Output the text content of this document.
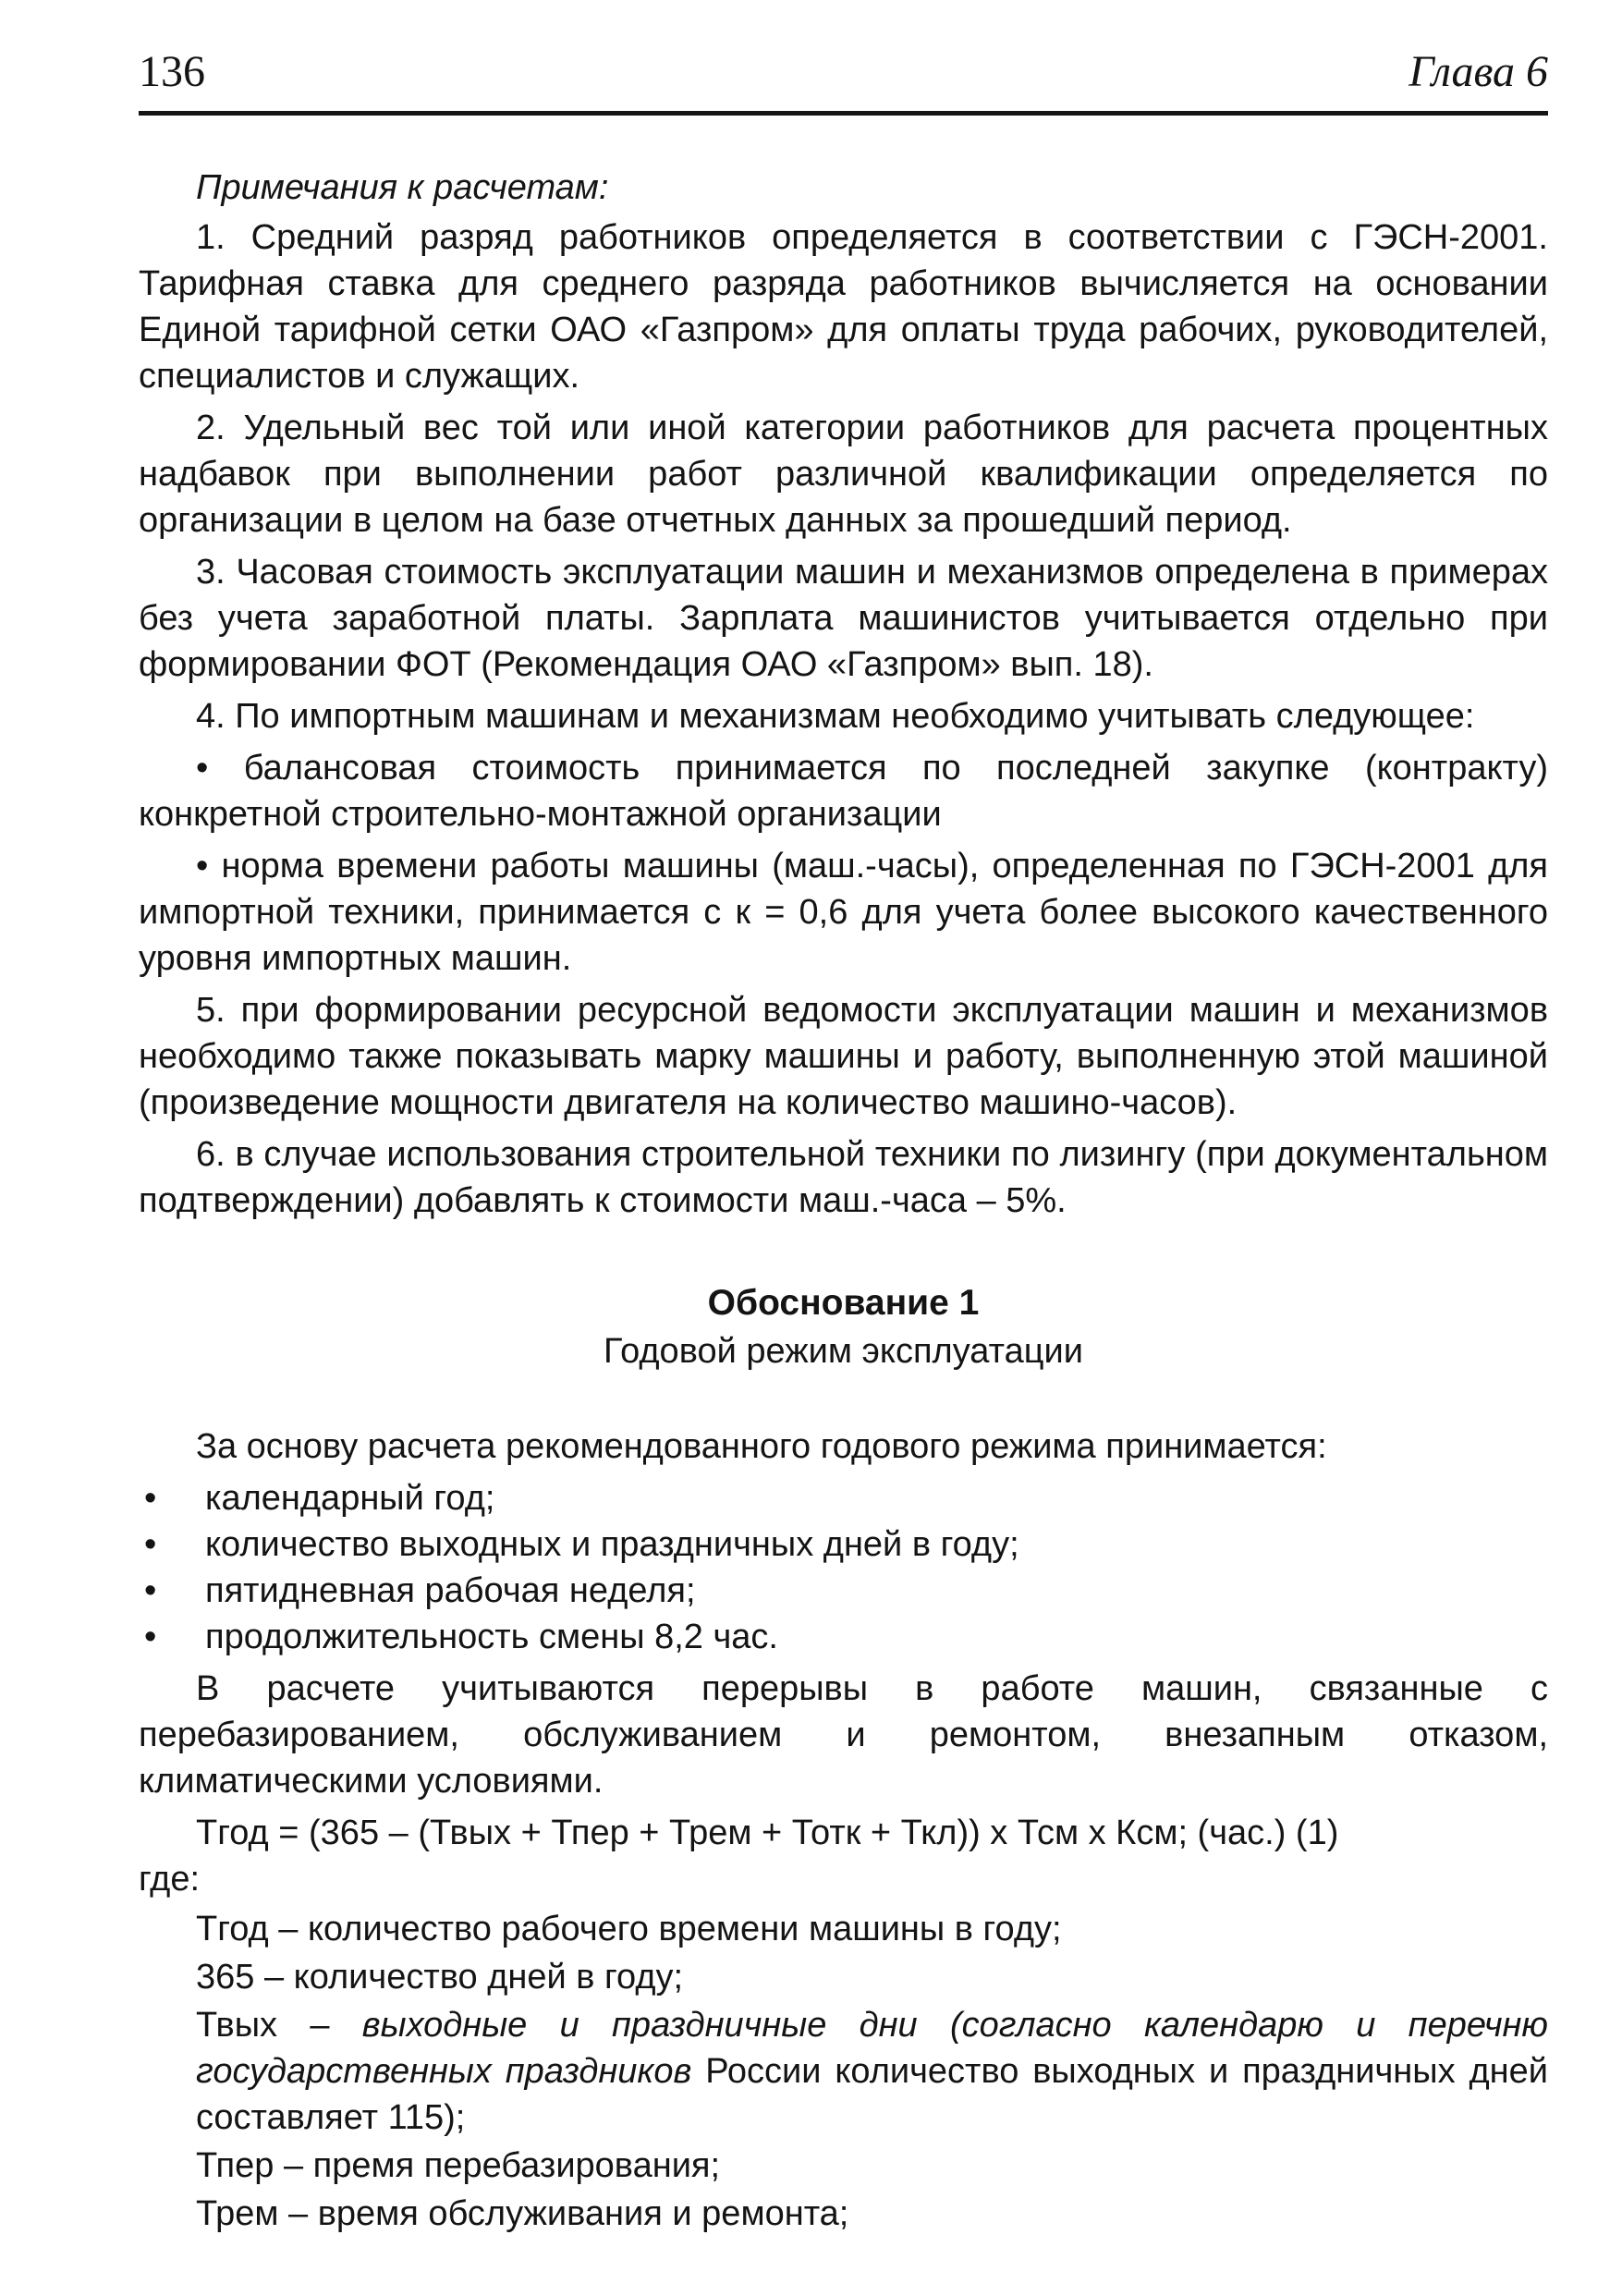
136	Глава 6

Примечания к расчетам:

1. Средний разряд работников определяется в соответствии с ГЭСН-2001. Тарифная ставка для среднего разряда работников вычисляется на основании Единой тарифной сетки ОАО «Газпром» для оплаты труда рабочих, руководителей, специалистов и служащих.

2. Удельный вес той или иной категории работников для расчета процентных надбавок при выполнении работ различной квалификации определяется по организации в целом на базе отчетных данных за прошедший период.

3. Часовая стоимость эксплуатации машин и механизмов определена в примерах без учета заработной платы. Зарплата машинистов учитывается отдельно при формировании ФОТ (Рекомендация ОАО «Газпром» вып. 18).

4. По импортным машинам и механизмам необходимо учитывать следующее:

• балансовая стоимость принимается по последней закупке (контракту) конкретной строительно-монтажной организации

• норма времени работы машины (маш.-часы), определенная по ГЭСН-2001 для импортной техники, принимается с к = 0,6 для учета более высокого качественного уровня импортных машин.

5. при формировании ресурсной ведомости эксплуатации машин и механизмов необходимо также показывать марку машины и работу, выполненную этой машиной (произведение мощности двигателя на количество машино-часов).

6. в случае использования строительной техники по лизингу (при документальном подтверждении) добавлять к стоимости маш.-часа – 5%.

Обоснование 1
Годовой режим эксплуатации

За основу расчета рекомендованного годового режима принимается:

• календарный год;
• количество выходных и праздничных дней в году;
• пятидневная рабочая неделя;
• продолжительность смены 8,2 час.

В расчете учитываются перерывы в работе машин, связанные с перебазированием, обслуживанием и ремонтом, внезапным отказом, климатическими условиями.

Тгод = (365 – (Твых + Тпер + Трем + Тотк + Ткл)) х Тсм х Ксм; (час.) (1)

где:

Тгод – количество рабочего времени машины в году;

365 – количество дней в году;

Твых – выходные и праздничные дни (согласно календарю и перечню государственных праздников России количество выходных и праздничных дней составляет 115);

Тпер – премя перебазирования;

Трем – время обслуживания и ремонта;
